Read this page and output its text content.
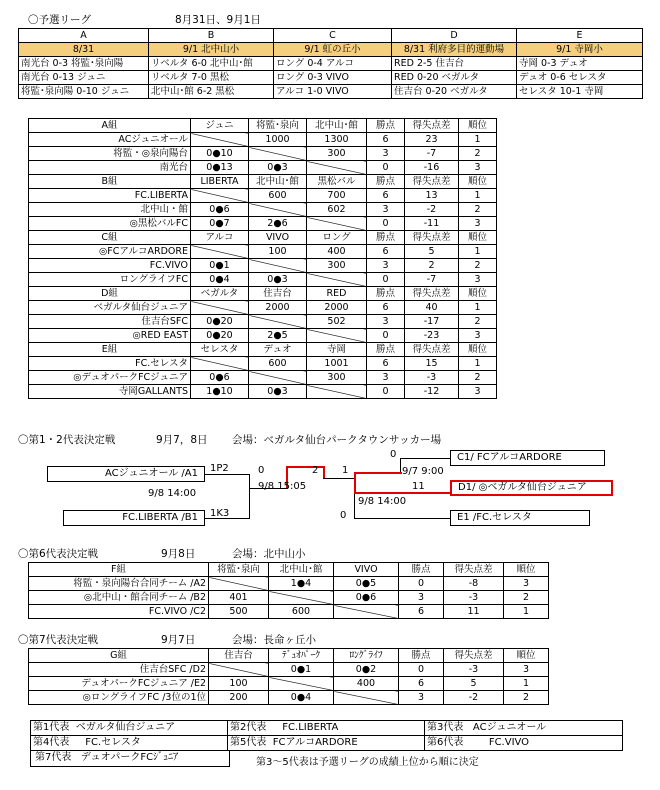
〇予選リーグ	8月31日、9月1日
A	B	C	D	E
8/31	9/1 北中山小	9/1 虹の丘小	8/31 利府多目的運動場	9/1 寺岡小
南光台 0-3 将監･泉向陽	リベルタ 6-0 北中山･館	ロング 0-4 アルコ	RED 2-5 住吉台	寺岡 0-3 デュオ
南光台 0-13 ジュニ	リベルタ 7-0 黒松	ロング 0-3 VIVO	RED 0-20 ベガルタ	デュオ 0-6 セレスタ
将監･泉向陽 0-10 ジュニ	北中山･館 6-2 黒松	アルコ 1-0 VIVO	住吉台 0-20 ベガルタ	セレスタ 10-1 寺岡
A組	ジュニ	将監･泉向	北中山･館	勝点	得失点差	順位
ACジュニオール		1000	1300	6	23	1
将監・◎泉向陽台	0●10		300	3	-7	2
南光台	0●13	0●3		0	-16	3
B組	LIBERTA	北中山･館	黒松バル	勝点	得失点差	順位
FC.LIBERTA		600	700	6	13	1
北中山・館	0●6		602	3	-2	2
◎黒松バルFC	0●7	2●6		0	-11	3
C組	アルコ	VIVO	ロング	勝点	得失点差	順位
◎FCアルコARDORE		100	400	6	5	1
FC.VIVO	0●1		300	3	2	2
ロングライフFC	0●4	0●3		0	-7	3
D組	ベガルタ	住吉台	RED	勝点	得失点差	順位
ベガルタ仙台ジュニア		2000	2000	6	40	1
住吉台SFC	0●20		502	3	-17	2
◎RED EAST	0●20	2●5		0	-23	3
E組	セレスタ	デュオ	寺岡	勝点	得失点差	順位
FC.セレスタ		600	1001	6	15	1
◎デュオパークFCジュニア	0●6		300	3	-3	2
寺岡GALLANTS	1●10	0●3		0	-12	3
〇第1・2代表決定戦	9月7，8日 会場：ベガルタ仙台パークタウンサッカー場
ACジュニオール /A1
FC.LIBERTA /B1
C1/ FCアルコARDORE
D1/ ◎ベガルタ仙台ジュニア
E1 /FC.セレスタ
1P2
1K3
9/8 14:00
0	2 1
9/8 15:05
0
9/7 9:00
11
9/8 14:00
0
〇第6代表決定戦	9月8日	会場：北中山小
F組	将監･泉向	北中山･館	VIVO	勝点	得失点差	順位
将監・泉向陽台合同チーム /A2		1●4	0●5	0	-8	3
◎北中山・館合同チーム /B2	401		0●6	3	-3	2
FC.VIVO /C2	500	600		6	11	1
〇第7代表決定戦	9月7日	会場：長命ヶ丘小
G組	住吉台	ﾃﾞｭｵﾊﾟｰｸ	ﾛﾝｸﾞﾗｲﾌ	勝点	得失点差	順位
住吉台SFC /D2		0●1	0●2	0	-3	3
デュオパークFCジュニア /E2	100		400	6	5	1
◎ロングライフFC /3位の1位	200	0●4		3	-2	2
第1代表 ベガルタ仙台ジュニア	第2代表 FC.LIBERTA	第3代表 ACジュニオール
第4代表 FC.セレスタ	第5代表 FCアルコARDORE	第6代表 FC.VIVO
第7代表 デュオパークFCｼﾞｭﾆｱ	第3～5代表は予選リーグの成績上位から順に決定
